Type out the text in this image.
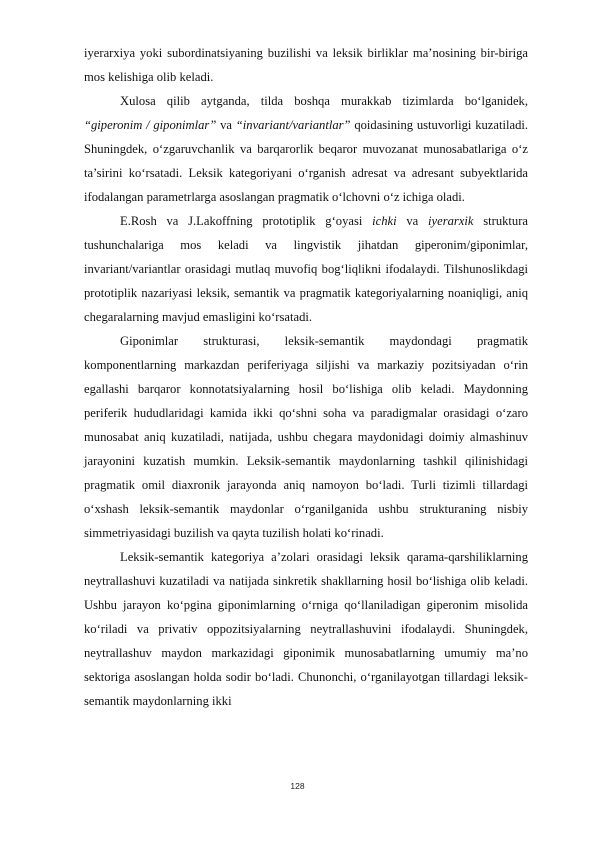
iyerarxiya yoki subordinatsiyaning buzilishi va leksik birliklar ma’nosining bir-biriga mos kelishiga olib keladi.

Xulosa qilib aytganda, tilda boshqa murakkab tizimlarda bo‘lganidek, “giperonim / giponimlar” va “invariant/variantlar” qoidasining ustuvorligi kuzatiladi. Shuningdek, o‘zgaruvchanlik va barqarorlik beqaror muvozanat munosabatlariga o‘z ta’sirini ko‘rsatadi. Leksik kategoriyani o‘rganish adresat va adresant subyektlarida ifodalangan parametrlarga asoslangan pragmatik o‘lchovni o‘z ichiga oladi.

E.Rosh va J.Lakoffning prototiplik g‘oyasi ichki va iyerarxik struktura tushunchalariga mos keladi va lingvistik jihatdan giperonim/giponimlar, invariant/variantlar orasidagi mutlaq muvofiq bog‘liqlikni ifodalaydi. Tilshunoslikdagi prototiplik nazariyasi leksik, semantik va pragmatik kategoriyalarning noaniqligi, aniq chegaralarning mavjud emasligini ko‘rsatadi.

Giponimlar strukturasi, leksik-semantik maydondagi pragmatik komponentlarning markazdan periferiyaga siljishi va markaziy pozitsiyadan o‘rin egallashi barqaror konnotatsiyalarning hosil bo‘lishiga olib keladi. Maydonning periferik hududlaridagi kamida ikki qo‘shni soha va paradigmalar orasidagi o‘zaro munosabat aniq kuzatiladi, natijada, ushbu chegara maydonidagi doimiy almashinuv jarayonini kuzatish mumkin. Leksik-semantik maydonlarning tashkil qilinishidagi pragmatik omil diaxronik jarayonda aniq namoyon bo‘ladi. Turli tizimli tillardagi o‘xshash leksik-semantik maydonlar o‘rganilganida ushbu strukturaning nisbiy simmetriyasidagi buzilish va qayta tuzilish holati ko‘rinadi.

Leksik-semantik kategoriya a’zolari orasidagi leksik qarama-qarshiliklarning neytrallashuvi kuzatiladi va natijada sinkretik shakllarning hosil bo‘lishiga olib keladi. Ushbu jarayon ko‘pgina giponimlarning o‘rniga qo‘llaniladigan giperonim misolida ko‘riladi va privativ oppozitsiyalarning neytrallashuvini ifodalaydi. Shuningdek, neytrallashuv maydon markazidagi giponimik munosabatlarning umumiy ma’no sektoriga asoslangan holda sodir bo‘ladi. Chunonchi, o‘rganilayotgan tillardagi leksik-semantik maydonlarning ikki

128
